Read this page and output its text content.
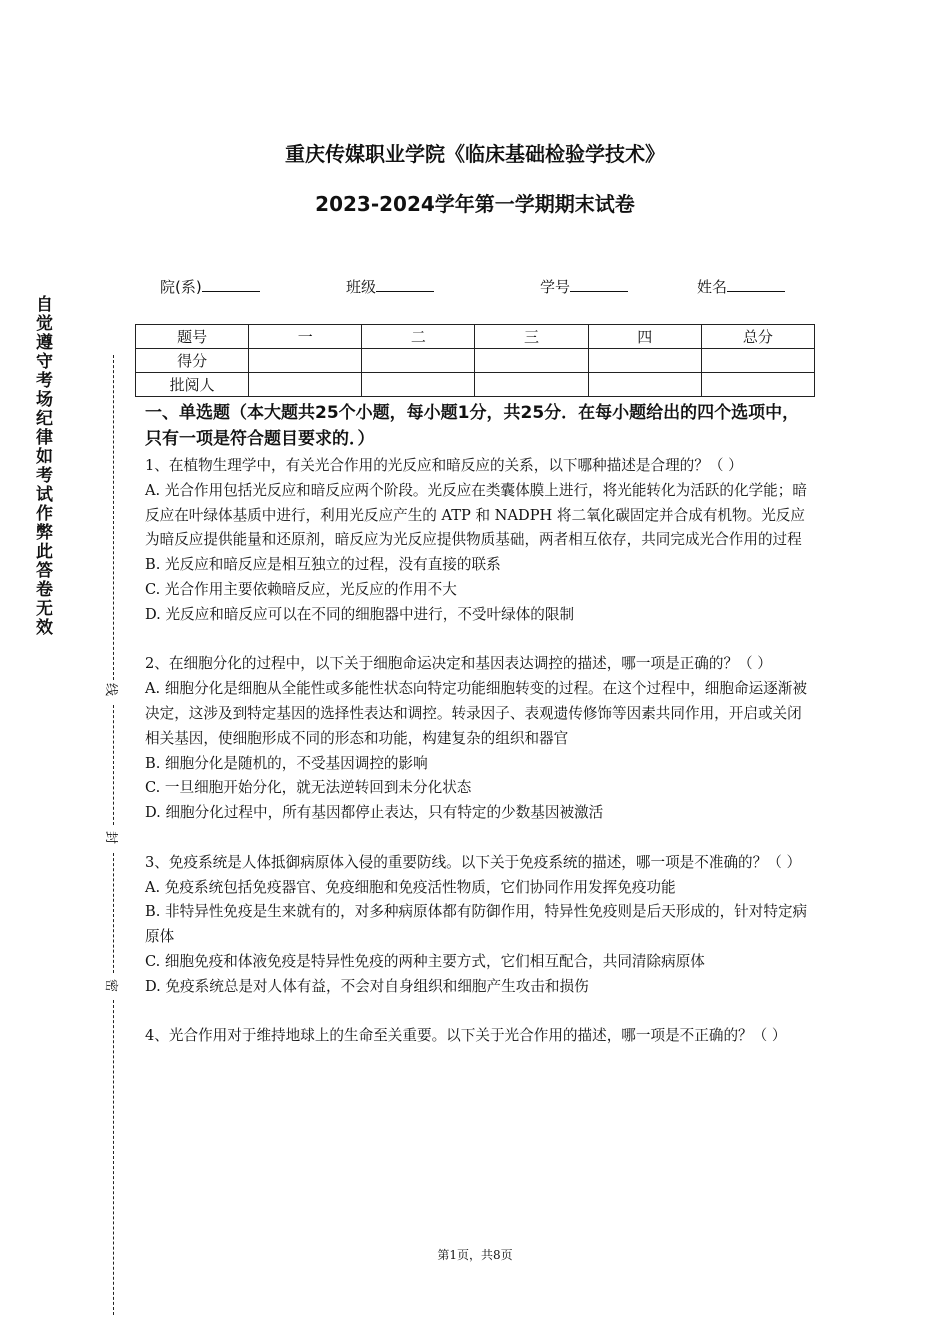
重庆传媒职业学院《临床基础检验学技术》
2023-2024学年第一学期期末试卷
院(系)	班级	学号	姓名
题号	一	二	三	四	总分
得分					
批阅人					
自觉遵守考场纪律如考试作弊此答卷无效
线
封
密
一、单选题（本大题共25个小题，每小题1分，共25分．在每小题给出的四个选项中，只有一项是符合题目要求的．）

1、在植物生理学中，有关光合作用的光反应和暗反应的关系，以下哪种描述是合理的？（ ）

A. 光合作用包括光反应和暗反应两个阶段。光反应在类囊体膜上进行，将光能转化为活跃的化学能；暗反应在叶绿体基质中进行，利用光反应产生的 ATP 和 NADPH 将二氧化碳固定并合成有机物。光反应为暗反应提供能量和还原剂，暗反应为光反应提供物质基础，两者相互依存，共同完成光合作用的过程

B. 光反应和暗反应是相互独立的过程，没有直接的联系

C. 光合作用主要依赖暗反应，光反应的作用不大

D. 光反应和暗反应可以在不同的细胞器中进行，不受叶绿体的限制

2、在细胞分化的过程中，以下关于细胞命运决定和基因表达调控的描述，哪一项是正确的？（ ）

A. 细胞分化是细胞从全能性或多能性状态向特定功能细胞转变的过程。在这个过程中，细胞命运逐渐被决定，这涉及到特定基因的选择性表达和调控。转录因子、表观遗传修饰等因素共同作用，开启或关闭相关基因，使细胞形成不同的形态和功能，构建复杂的组织和器官

B. 细胞分化是随机的，不受基因调控的影响

C. 一旦细胞开始分化，就无法逆转回到未分化状态

D. 细胞分化过程中，所有基因都停止表达，只有特定的少数基因被激活

3、免疫系统是人体抵御病原体入侵的重要防线。以下关于免疫系统的描述，哪一项是不准确的？（ ）

A. 免疫系统包括免疫器官、免疫细胞和免疫活性物质，它们协同作用发挥免疫功能

B. 非特异性免疫是生来就有的，对多种病原体都有防御作用，特异性免疫则是后天形成的，针对特定病原体

C. 细胞免疫和体液免疫是特异性免疫的两种主要方式，它们相互配合，共同清除病原体

D. 免疫系统总是对人体有益，不会对自身组织和细胞产生攻击和损伤

4、光合作用对于维持地球上的生命至关重要。以下关于光合作用的描述，哪一项是不正确的？（ ）

第1页，共8页
